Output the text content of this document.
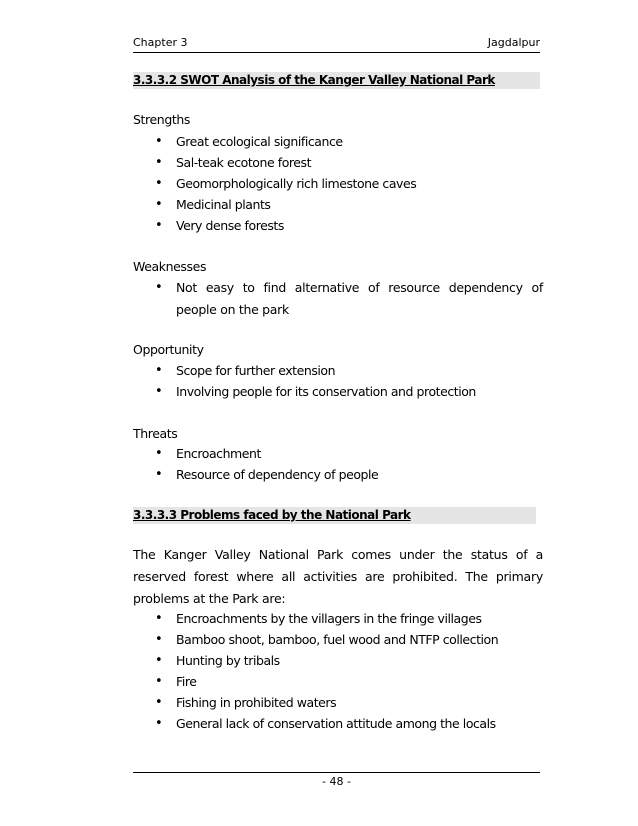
Chapter 3	Jagdalpur
3.3.3.2 SWOT Analysis of the Kanger Valley National Park
Strengths
• Great ecological significance
• Sal-teak ecotone forest
• Geomorphologically rich limestone caves
• Medicinal plants
• Very dense forests
Weaknesses
• Not easy to find alternative of resource dependency of people on the park
Opportunity
• Scope for further extension
• Involving people for its conservation and protection
Threats
• Encroachment
• Resource of dependency of people
3.3.3.3 Problems faced by the National Park
The Kanger Valley National Park comes under the status of a reserved forest where all activities are prohibited. The primary problems at the Park are:
• Encroachments by the villagers in the fringe villages
• Bamboo shoot, bamboo, fuel wood and NTFP collection
• Hunting by tribals
• Fire
• Fishing in prohibited waters
• General lack of conservation attitude among the locals
- 48 -
